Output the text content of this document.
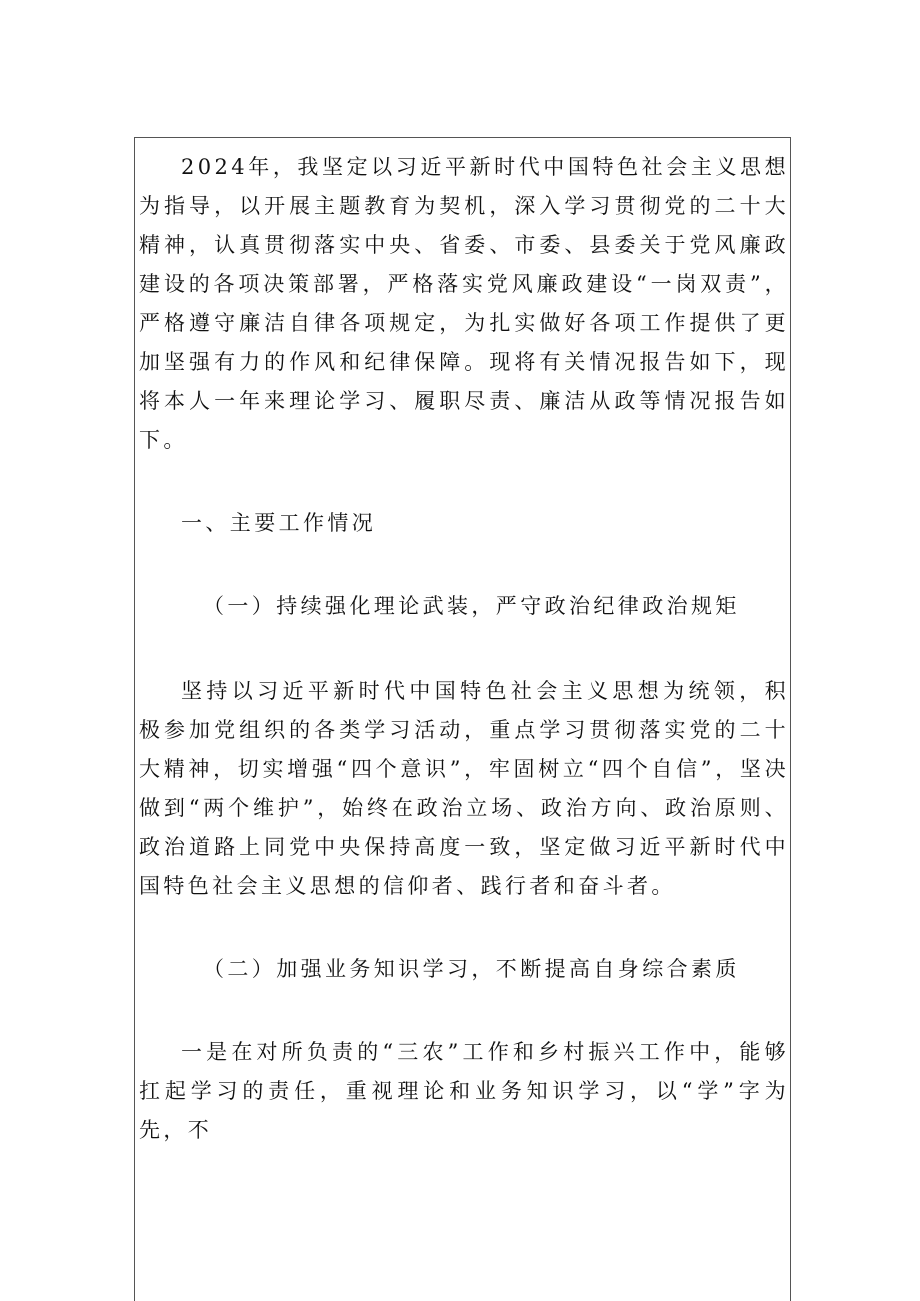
2024年，我坚定以习近平新时代中国特色社会主义思想为指导，以开展主题教育为契机，深入学习贯彻党的二十大精神，认真贯彻落实中央、省委、市委、县委关于党风廉政建设的各项决策部署，严格落实党风廉政建设“一岗双责”，严格遵守廉洁自律各项规定，为扎实做好各项工作提供了更加坚强有力的作风和纪律保障。现将有关情况报告如下，现将本人一年来理论学习、履职尽责、廉洁从政等情况报告如下。

一、主要工作情况

（一）持续强化理论武装，严守政治纪律政治规矩

坚持以习近平新时代中国特色社会主义思想为统领，积极参加党组织的各类学习活动，重点学习贯彻落实党的二十大精神，切实增强“四个意识”，牢固树立“四个自信”，坚决做到“两个维护”，始终在政治立场、政治方向、政治原则、政治道路上同党中央保持高度一致，坚定做习近平新时代中国特色社会主义思想的信仰者、践行者和奋斗者。

（二）加强业务知识学习，不断提高自身综合素质

一是在对所负责的“三农”工作和乡村振兴工作中，能够扛起学习的责任，重视理论和业务知识学习，以“学”字为先，不
